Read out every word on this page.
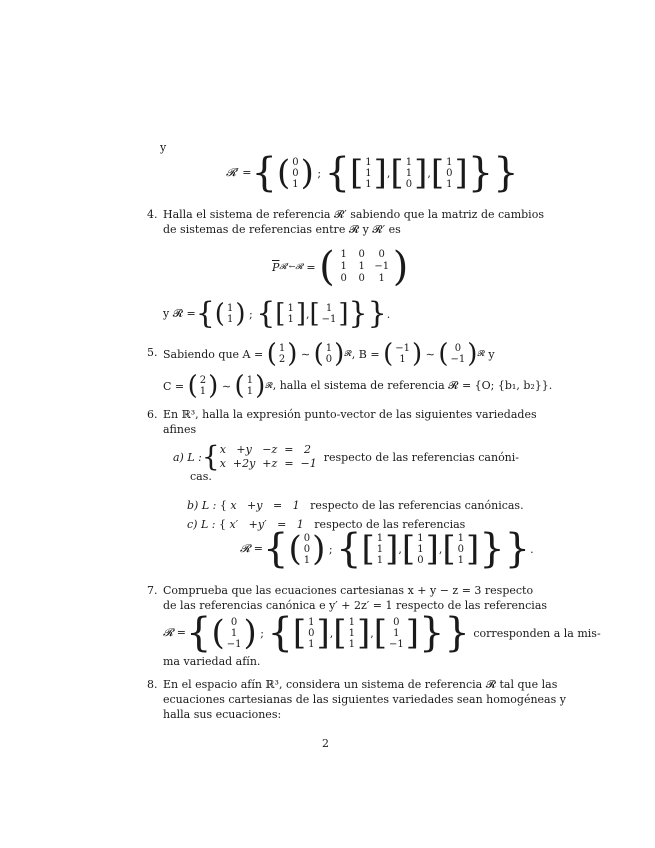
y
𝓡′ = { ( 0
0
1 ) ; { [ 1
1
1 ] , [ 1
1
0 ] , [ 1
0
1 ] }}
4. Halla el sistema de referencia 𝓡′ sabiendo que la matriz de cambios
de sistemas de referencias entre 𝓡 y 𝓡′ es
$\overline{P}$ 𝓡′←𝓡 = ( 1	0	0
1	1 −1
0	0	1 )
y 𝓡 = { ( 1
1 ) ; { [ 1
1 ] , [ 1
−1 ] }} .
5. Sabiendo que A =
( 1
2 ) ∼ ( 1
0 ) 𝓡 , B =
( −1
1 ) ∼ ( 0
−1 ) 𝓡
y
C =
( 2
1 ) ∼ ( 1
1 ) 𝓡 , halla el sistema de referencia 𝓡 = {O; {b₁, b₂}}.
6. En ℝ³, halla la expresión punto-vector de las siguientes variedades
afines
a) L : { x   +y   −z  =   2
x  +2y  +z  =  −1
respecto de las referencias canóni-
cas.

b) L : { x   +y   =   1 respecto de las referencias canónicas.

c) L : { x′   +y′   =   1 respecto de las referencias

𝓡 = { ( 0
0
1 ) ; { [ 1
1
1 ] , [ 1
1
0 ] , [ 1
0
1 ] }} .
7. Comprueba que las ecuaciones cartesianas x + y − z = 3 respecto
de las referencias canónica e y′ + 2z′ = 1 respecto de las referencias
𝓡 = { ( 0
1
−1 ) ; { [ 1
0
1 ] , [ 1
1
1 ] , [ 0
1
−1 ] }}
corresponden a la mis-
ma variedad afín.
8. En el espacio afín ℝ³, considera un sistema de referencia 𝓡 tal que las
ecuaciones cartesianas de las siguientes variedades sean homogéneas y
halla sus ecuaciones:
2
